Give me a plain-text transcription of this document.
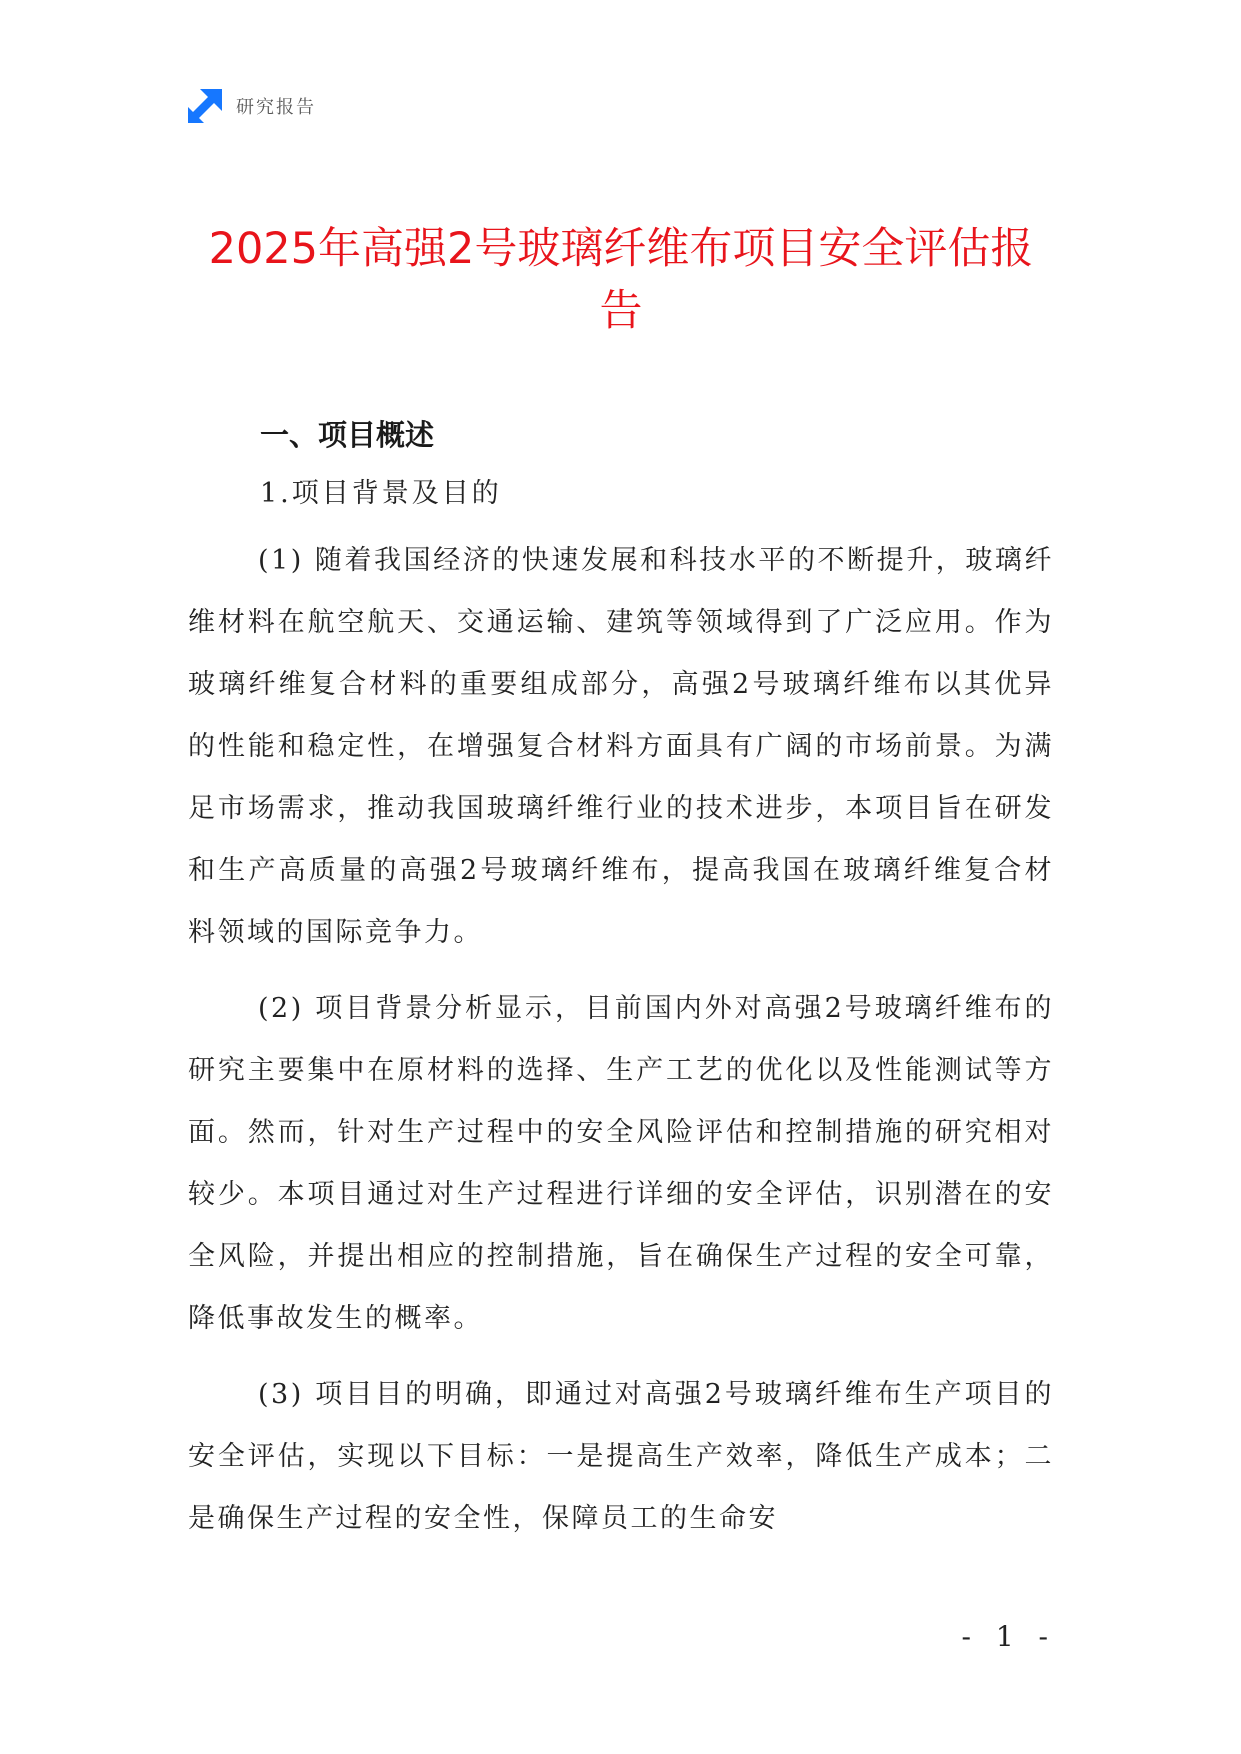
研究报告
2025年高强2号玻璃纤维布项目安全评估报告
一、项目概述

1.项目背景及目的

(1) 随着我国经济的快速发展和科技水平的不断提升，玻璃纤维材料在航空航天、交通运输、建筑等领域得到了广泛应用。作为玻璃纤维复合材料的重要组成部分，高强2号玻璃纤维布以其优异的性能和稳定性，在增强复合材料方面具有广阔的市场前景。为满足市场需求，推动我国玻璃纤维行业的技术进步，本项目旨在研发和生产高质量的高强2号玻璃纤维布，提高我国在玻璃纤维复合材料领域的国际竞争力。

(2) 项目背景分析显示，目前国内外对高强2号玻璃纤维布的研究主要集中在原材料的选择、生产工艺的优化以及性能测试等方面。然而，针对生产过程中的安全风险评估和控制措施的研究相对较少。本项目通过对生产过程进行详细的安全评估，识别潜在的安全风险，并提出相应的控制措施，旨在确保生产过程的安全可靠，降低事故发生的概率。

(3) 项目目的明确，即通过对高强2号玻璃纤维布生产项目的安全评估，实现以下目标：一是提高生产效率，降低生产成本；二是确保生产过程的安全性，保障员工的生命安

- 1 -
